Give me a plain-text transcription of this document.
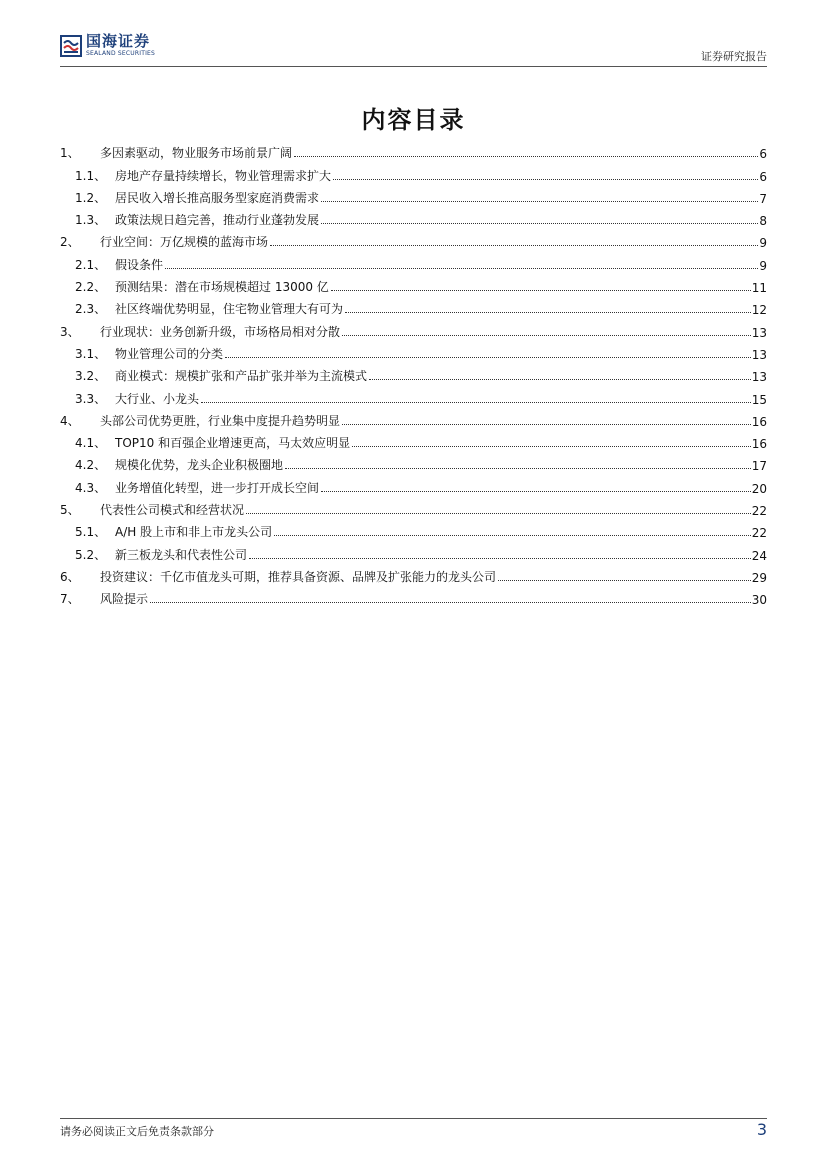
国海证券
SEALAND SECURITIES	证券研究报告
内容目录
1、	多因素驱动，物业服务市场前景广阔	6
1.1、 房地产存量持续增长，物业管理需求扩大	6
1.2、 居民收入增长推高服务型家庭消费需求	7
1.3、 政策法规日趋完善，推动行业蓬勃发展	8
2、	行业空间：万亿规模的蓝海市场	9
2.1、 假设条件	9
2.2、 预测结果：潜在市场规模超过 13000 亿	11
2.3、 社区终端优势明显，住宅物业管理大有可为	12
3、	行业现状：业务创新升级，市场格局相对分散	13
3.1、 物业管理公司的分类	13
3.2、 商业模式：规模扩张和产品扩张并举为主流模式	13
3.3、 大行业、小龙头	15
4、	头部公司优势更胜，行业集中度提升趋势明显	16
4.1、 TOP10 和百强企业增速更高，马太效应明显	16
4.2、 规模化优势，龙头企业积极圈地	17
4.3、 业务增值化转型，进一步打开成长空间	20
5、	代表性公司模式和经营状况	22
5.1、 A/H 股上市和非上市龙头公司	22
5.2、 新三板龙头和代表性公司	24
6、	投资建议：千亿市值龙头可期，推荐具备资源、品牌及扩张能力的龙头公司	29
7、	风险提示	30
请务必阅读正文后免责条款部分	3
